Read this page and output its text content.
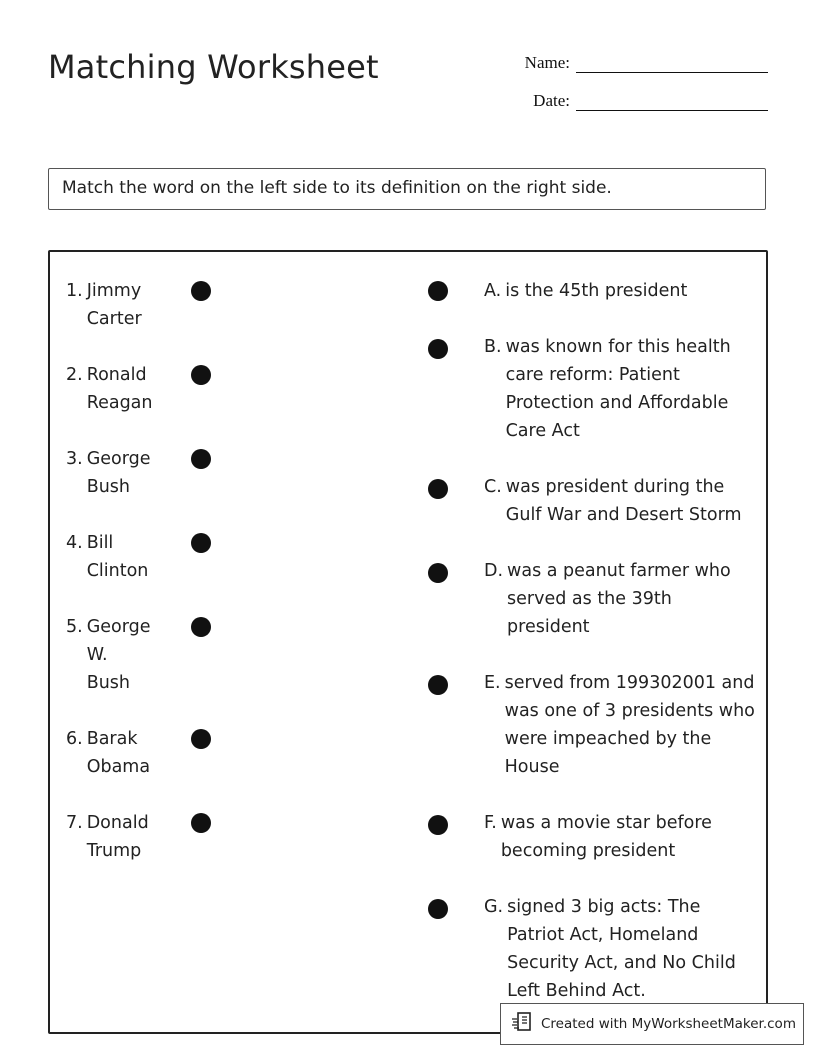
Matching Worksheet	Name:
Date:
Match the word on the left side to its definition on the right side.
1. Jimmy Carter
2. Ronald Reagan
3. George Bush
4. Bill Clinton
5. George W. Bush
6. Barak Obama
7. Donald Trump
A. is the 45th president
B. was known for this health care reform: Patient Protection and Affordable Care Act
C. was president during the Gulf War and Desert Storm
D. was a peanut farmer who served as the 39th president
E. served from 199302001 and was one of 3 presidents who were impeached by the House
F. was a movie star before becoming president
G. signed 3 big acts: The Patriot Act, Homeland Security Act, and No Child Left Behind Act.
Created with MyWorksheetMaker.com
